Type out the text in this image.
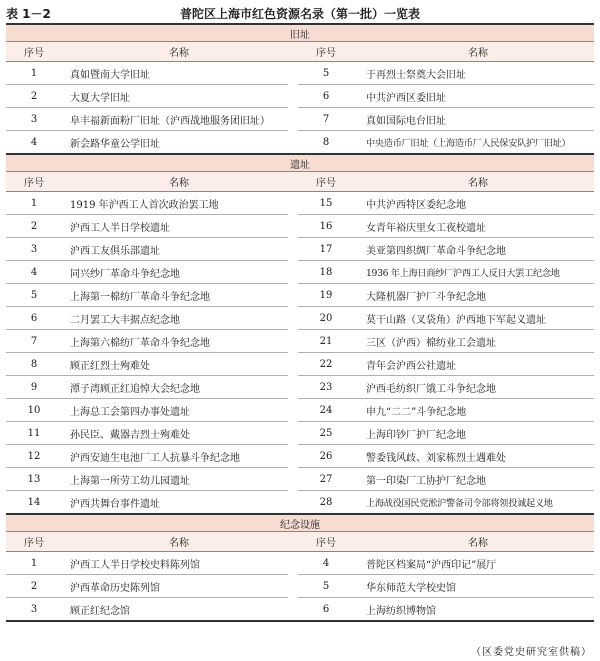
表 1－2	普陀区上海市红色资源名录（第一批）一览表
旧址				
序号	名称		序号	名称
1	真如暨南大学旧址		5	于再烈士祭奠大会旧址
2	大夏大学旧址		6	中共沪西区委旧址
3	阜丰福新面粉厂旧址（沪西战地服务团旧址）		7	真如国际电台旧址
4	新会路华童公学旧址		8	中央造币厂旧址（上海造币厂人民保安队护厂旧址）
遗址				
序号	名称		序号	名称
1	1919 年沪西工人首次政治罢工地		15	中共沪西特区委纪念地
2	沪西工人半日学校遗址		16	女青年裕庆里女工夜校遗址
3	沪西工友俱乐部遗址		17	美亚第四织绸厂革命斗争纪念地
4	同兴纱厂革命斗争纪念地		18	1936 年上海日商纱厂沪西工人反日大罢工纪念地
5	上海第一棉纺厂革命斗争纪念地		19	大隆机器厂护厂斗争纪念地
6	二月罢工大丰据点纪念地		20	莫干山路（叉袋角）沪西地下军起义遗址
7	上海第六棉纺厂革命斗争纪念地		21	三区（沪西）棉纺业工会遗址
8	顾正红烈士殉难处		22	青年会沪西公社遗址
9	潭子湾顾正红追悼大会纪念地		23	沪西毛纺织厂饿工斗争纪念地
10	上海总工会第四办事处遗址		24	申九“二二”斗争纪念地
11	孙民臣、戴器吉烈士殉难处		25	上海印钞厂护厂纪念地
12	沪西安迪生电池厂工人抗暴斗争纪念地		26	警委钱风歧、刘家栋烈士遇难处
13	上海第一所劳工幼儿园遗址		27	第一印染厂工协护厂纪念地
14	沪西共舞台事件遗址		28	上海战役国民党淞沪警备司令部将领投诚起义地
纪念设施				
序号	名称		序号	名称
1	沪西工人半日学校史料陈列馆		4	普陀区档案局“沪西印记”展厅
2	沪西革命历史陈列馆		5	华东师范大学校史馆
3	顾正红纪念馆		6	上海纺织博物馆
（区委党史研究室供稿）
